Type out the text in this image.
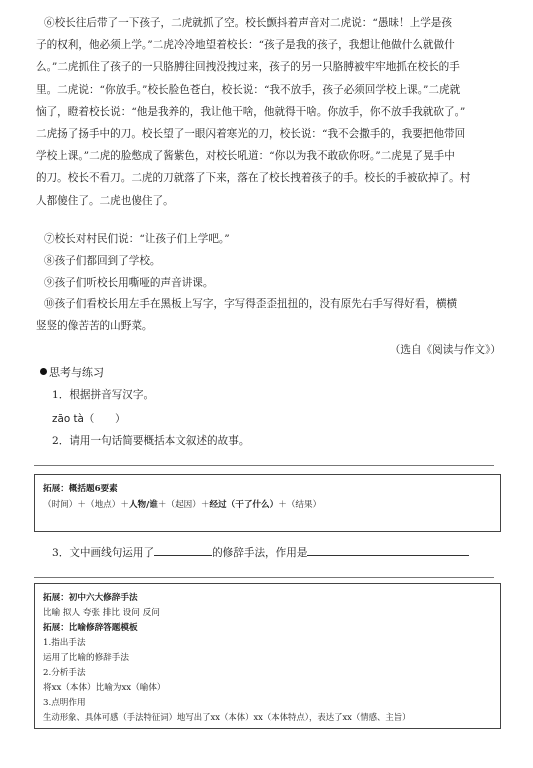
⑥校长往后带了一下孩子，二虎就抓了空。校长颤抖着声音对二虎说：“愚昧！上学是孩

子的权利，他必须上学。”二虎冷冷地望着校长：“孩子是我的孩子，我想让他做什么就做什

么。”二虎抓住了孩子的一只胳膊往回拽没拽过来，孩子的另一只胳膊被牢牢地抓在校长的手

里。二虎说：“你放手。”校长脸色苍白，校长说：“我不放手，孩子必须回学校上课。”二虎就

恼了，瞪着校长说：“他是我养的，我让他干啥，他就得干啥。你放手，你不放手我就砍了。”

二虎扬了扬手中的刀。校长望了一眼闪着寒光的刀，校长说：“我不会撒手的，我要把他带回

学校上课。”二虎的脸憋成了酱紫色，对校长吼道：“你以为我不敢砍你呀。”二虎晃了晃手中

的刀。校长不看刀。二虎的刀就落了下来，落在了校长拽着孩子的手。校长的手被砍掉了。村

人都傻住了。二虎也傻住了。

⑦校长对村民们说：“让孩子们上学吧。”
⑧孩子们都回到了学校。
⑨孩子们听校长用嘶哑的声音讲课。

⑩孩子们看校长用左手在黑板上写字，字写得歪歪扭扭的，没有原先右手写得好看，横横

竖竖的像苦苦的山野菜。

（选自《阅读与作文》）
思考与练习
1．根据拼音写汉字。
zāo tà（　　）
2．请用一句话简要概括本文叙述的故事。
拓展：概括题6要素
（时间）＋（地点）＋人物/谁＋（起因）＋经过（干了什么）＋（结果）
3．文中画线句运用了	的修辞手法，作用是
拓展：初中六大修辞手法
比喻 拟人 夸张 排比 设问 反问
拓展：比喻修辞答题模板
1.指出手法
运用了比喻的修辞手法
2.分析手法
将xx（本体）比喻为xx（喻体）
3.点明作用
生动形象、具体可感（手法特征词）地写出了xx（本体）xx（本体特点），表达了xx（情感、主旨）
